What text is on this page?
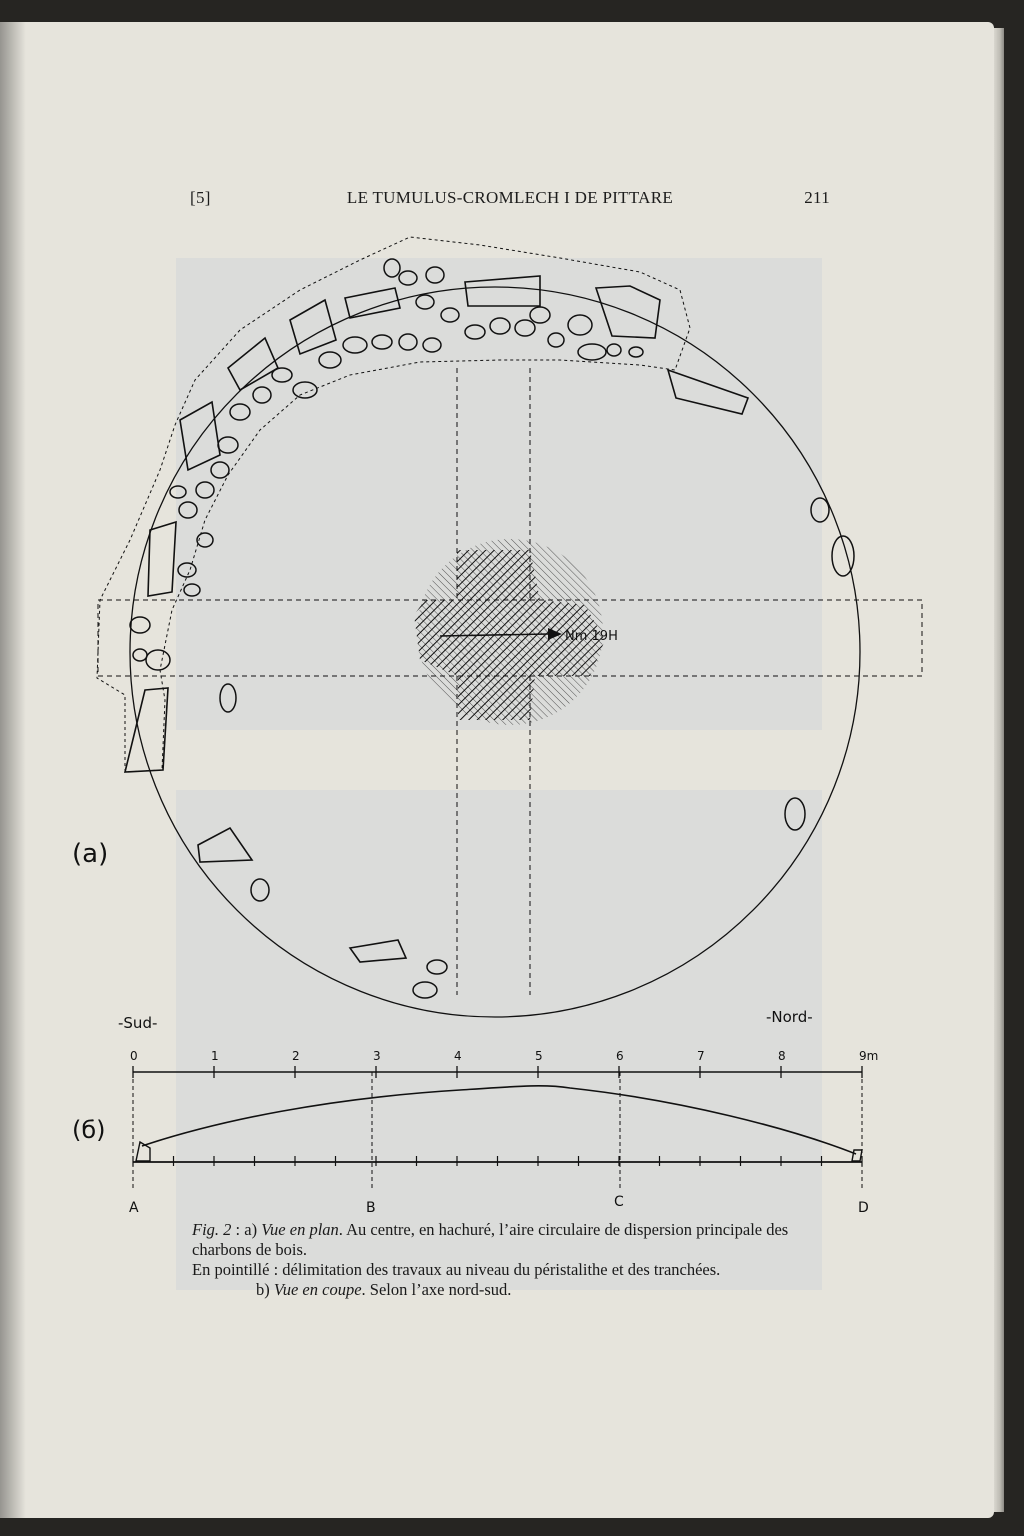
[5]	LE TUMULUS-CROMLECH I DE PITTARE	211
Nm 19H
(a)
-Sud-	-Nord-
0	1	2	3	4	5	6	7	8	9m
A	B	C	D
(б)

Fig. 2 : a) Vue en plan. Au centre, en hachuré, l’aire circulaire de dispersion principale des charbons de bois.

En pointillé : délimitation des travaux au niveau du péristalithe et des tranchées.

b) Vue en coupe. Selon l’axe nord-sud.
